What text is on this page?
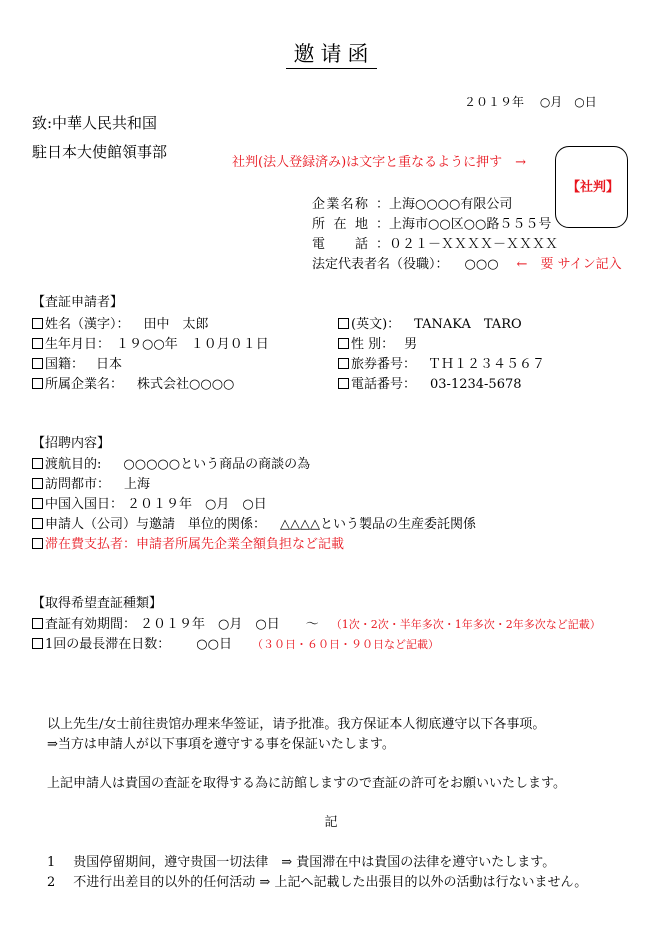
邀请函
２０１９年　 ○月　○日
致:中華人民共和国
駐日本大使館領事部
社判(法人登録済み)は文字と重なるように押す　→
【社判】
企業名称 ：上海○○○○有限公司
所 在 地 ：上海市○○区○○路５５５号
電　　話 ：０２１－ＸＸＸＸ－ＸＸＸＸ
法定代表者名（役職）： ○○○ ←　要 サイン記入
【査証申請者】
姓名（漢字）： 田中　太郎	(英文)： TANAKA　TARO
生年月日： １９○○年　１０月０１日	性 別： 男
国籍： 日本	旅券番号： ＴＨ１２３４５６７
所属企業名： 株式会社○○○○	電話番号： 03-1234-5678
【招聘内容】
渡航目的: ○○○○○という商品の商談の為
訪問都市： 上海
中国入国日： ２０１９年　○月　○日
申請人（公司）与邀請　単位的関係： △△△△という製品の生産委託関係
滞在費支払者：申請者所属先企業全額負担など記載
【取得希望査証種類】
査証有効期間： ２０１９年　○月　○日　　～ （1次・2次・半年多次・1年多次・2年多次など記載）
1回の最長滞在日数： ○○日 （３０日・６０日・９０日など記載）
以上先生/女士前往贵馆办理来华签证，请予批准。我方保证本人彻底遵守以下各事项。
⇒当方は申請人が以下事項を遵守する事を保証いたします。
上記申請人は貴国の査証を取得する為に訪館しますので査証の許可をお願いいたします。
記
1 贵国停留期间，遵守贵国一切法律　⇒ 貴国滞在中は貴国の法律を遵守いたします。
2 不进行出差目的以外的任何活动 ⇒ 上記へ記載した出張目的以外の活動は行ないません。
